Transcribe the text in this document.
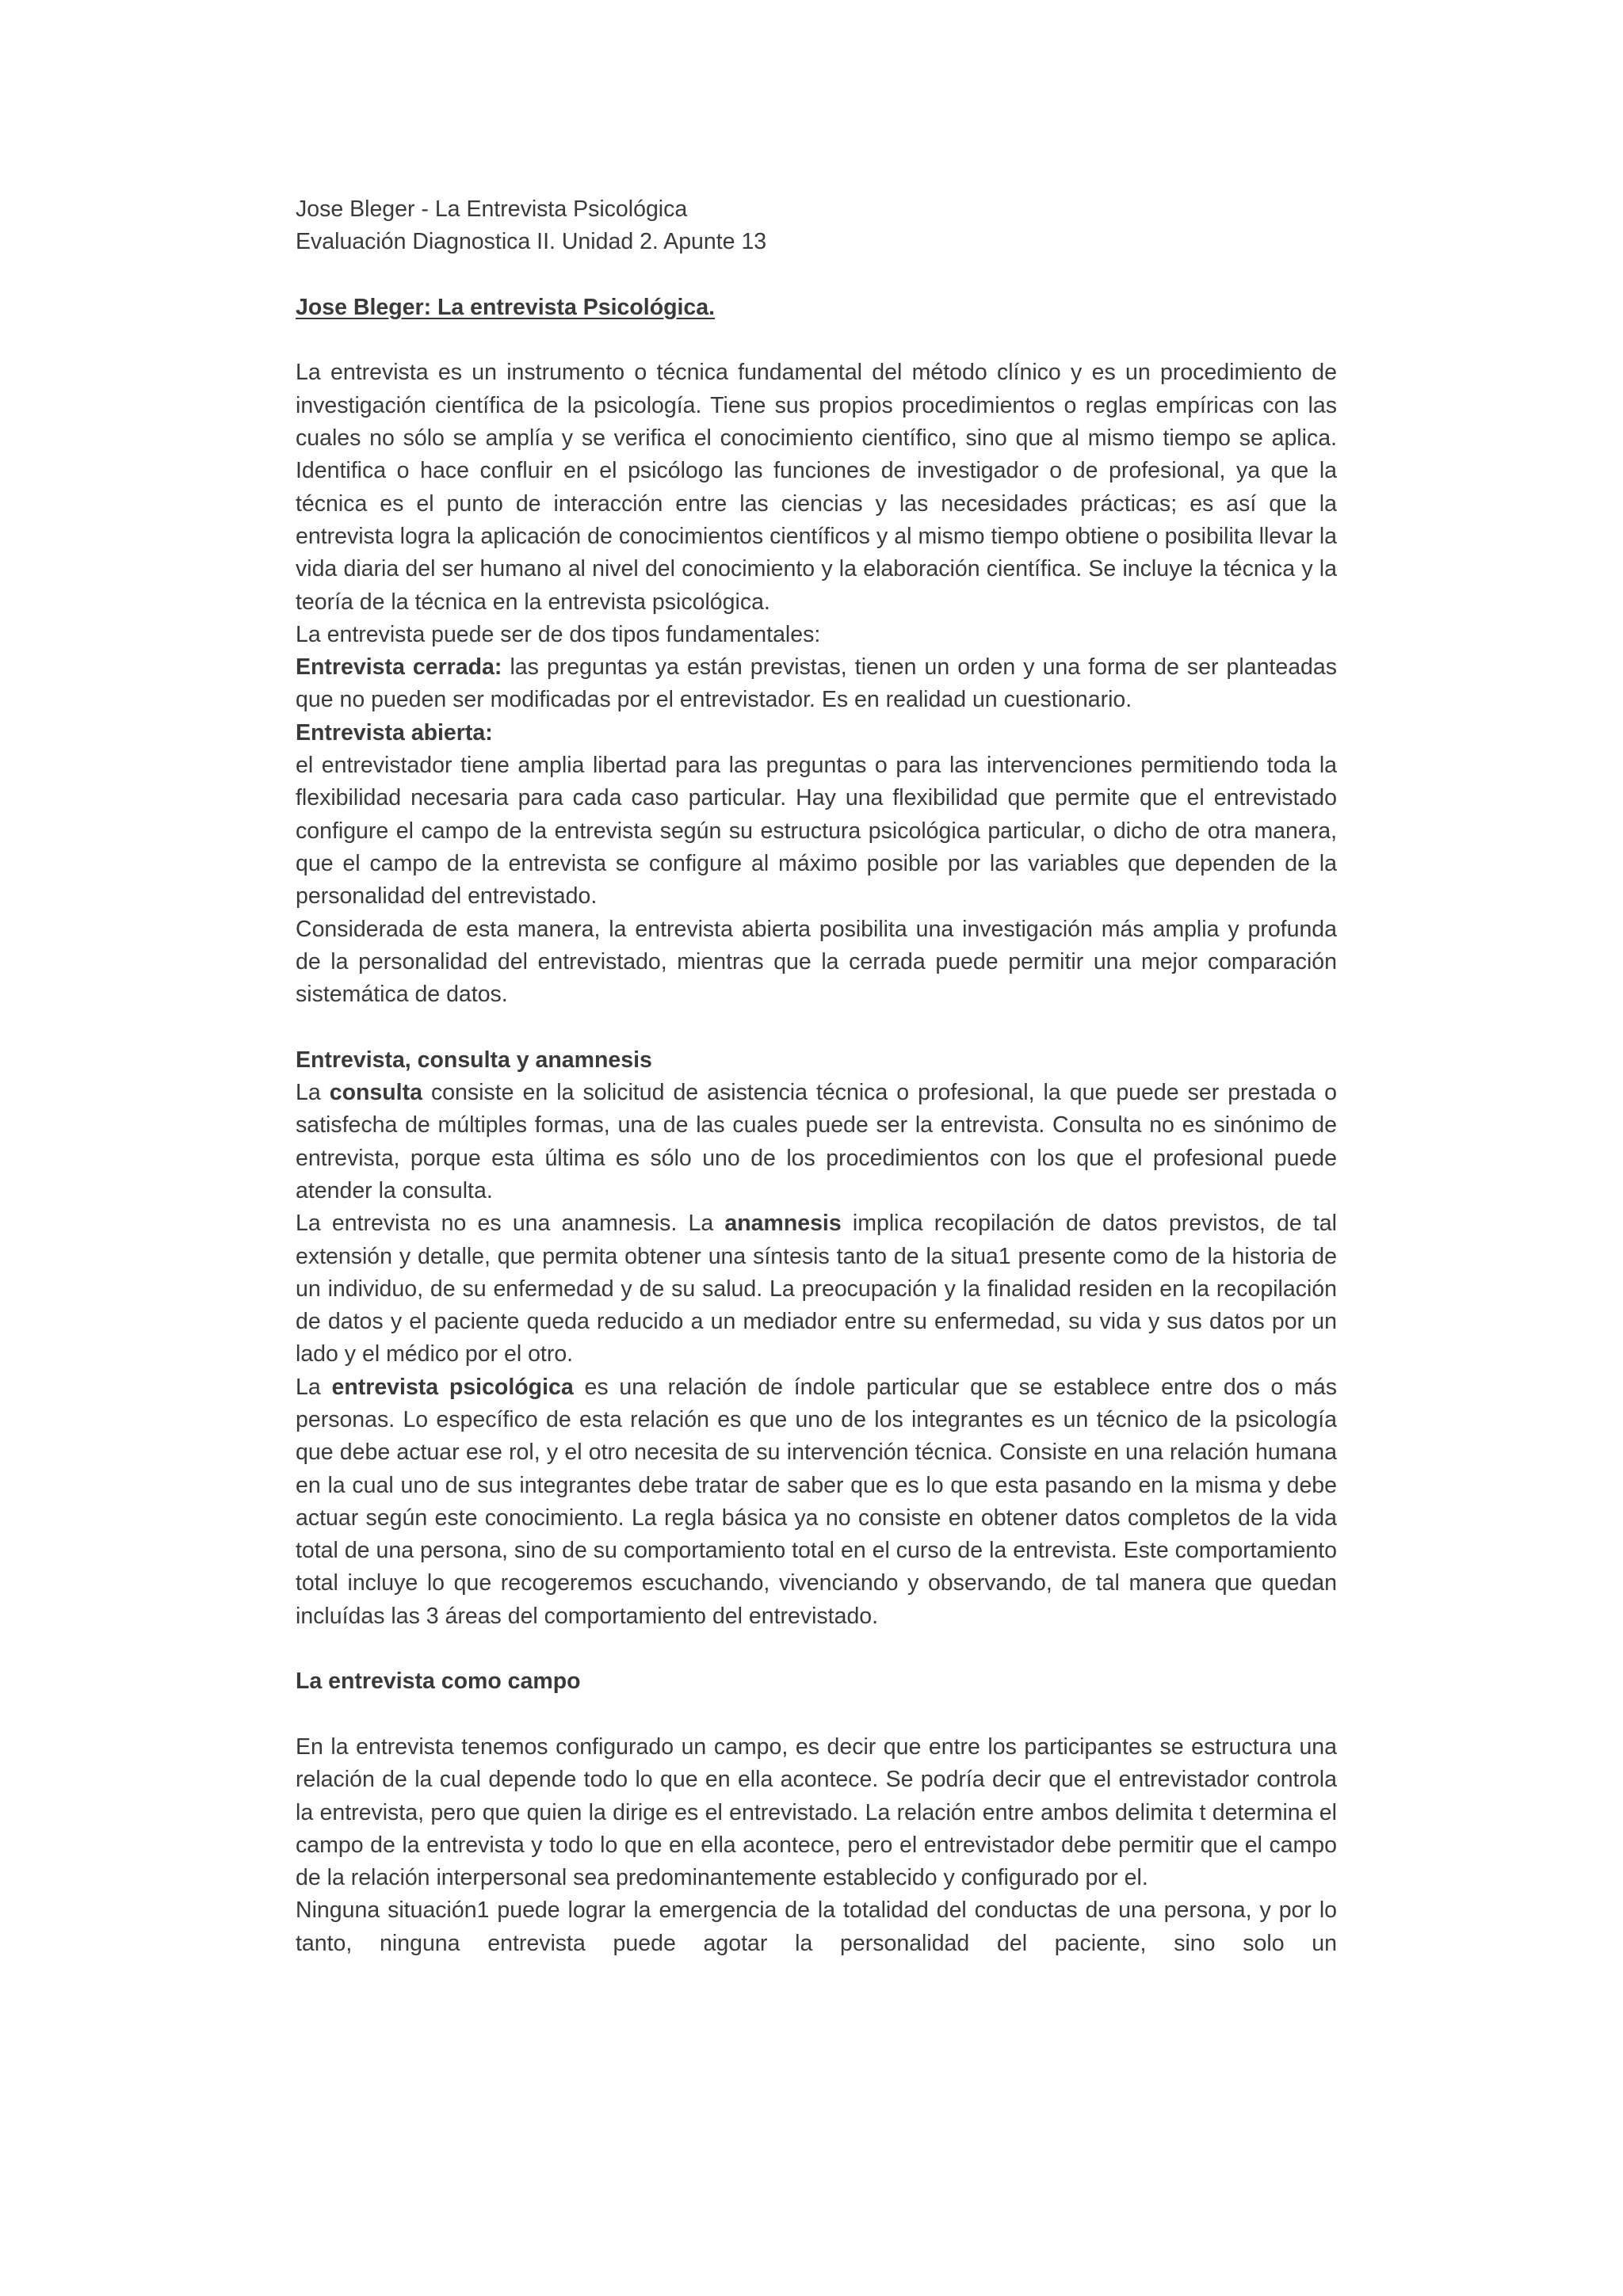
Jose Bleger - La Entrevista Psicológica
Evaluación Diagnostica II. Unidad 2. Apunte 13
Jose Bleger: La entrevista Psicológica.

La entrevista es un instrumento o técnica fundamental del método clínico y es un procedimiento de investigación científica de la psicología. Tiene sus propios procedimientos o reglas empíricas con las cuales no sólo se amplía y se verifica el conocimiento científico, sino que al mismo tiempo se aplica. Identifica o hace confluir en el psicólogo las funciones de investigador o de profesional, ya que la técnica es el punto de interacción entre las ciencias y las necesidades prácticas; es así que la entrevista logra la aplicación de conocimientos científicos y al mismo tiempo obtiene o posibilita llevar la vida diaria del ser humano al nivel del conocimiento y la elaboración científica. Se incluye la técnica y la teoría de la técnica en la entrevista psicológica.

La entrevista puede ser de dos tipos fundamentales:

Entrevista cerrada: las preguntas ya están previstas, tienen un orden y una forma de ser planteadas que no pueden ser modificadas por el entrevistador. Es en realidad un cuestionario.

Entrevista abierta:

el entrevistador tiene amplia libertad para las preguntas o para las intervenciones permitiendo toda la flexibilidad necesaria para cada caso particular. Hay una flexibilidad que permite que el entrevistado configure el campo de la entrevista según su estructura psicológica particular, o dicho de otra manera, que el campo de la entrevista se configure al máximo posible por las variables que dependen de la personalidad del entrevistado.

Considerada de esta manera, la entrevista abierta posibilita una investigación más amplia y profunda de la personalidad del entrevistado, mientras que la cerrada puede permitir una mejor comparación sistemática de datos.

Entrevista, consulta y anamnesis

La consulta consiste en la solicitud de asistencia técnica o profesional, la que puede ser prestada o satisfecha de múltiples formas, una de las cuales puede ser la entrevista. Consulta no es sinónimo de entrevista, porque esta última es sólo uno de los procedimientos con los que el profesional puede atender la consulta.

La entrevista no es una anamnesis. La anamnesis implica recopilación de datos previstos, de tal extensión y detalle, que permita obtener una síntesis tanto de la situa1 presente como de la historia de un individuo, de su enfermedad y de su salud. La preocupación y la finalidad residen en la recopilación de datos y el paciente queda reducido a un mediador entre su enfermedad, su vida y sus datos por un lado y el médico por el otro.

La entrevista psicológica es una relación de índole particular que se establece entre dos o más personas. Lo específico de esta relación es que uno de los integrantes es un técnico de la psicología que debe actuar ese rol, y el otro necesita de su intervención técnica. Consiste en una relación humana en la cual uno de sus integrantes debe tratar de saber que es lo que esta pasando en la misma y debe actuar según este conocimiento. La regla básica ya no consiste en obtener datos completos de la vida total de una persona, sino de su comportamiento total en el curso de la entrevista. Este comportamiento total incluye lo que recogeremos escuchando, vivenciando y observando, de tal manera que quedan incluídas las 3 áreas del comportamiento del entrevistado.

La entrevista como campo

En la entrevista tenemos configurado un campo, es decir que entre los participantes se estructura una relación de la cual depende todo lo que en ella acontece. Se podría decir que el entrevistador controla la entrevista, pero que quien la dirige es el entrevistado. La relación entre ambos delimita t determina el campo de la entrevista y todo lo que en ella acontece, pero el entrevistador debe permitir que el campo de la relación interpersonal sea predominantemente establecido y configurado por el.

Ninguna situación1 puede lograr la emergencia de la totalidad del conductas de una persona, y por lo tanto, ninguna entrevista puede agotar la personalidad del paciente, sino solo un
